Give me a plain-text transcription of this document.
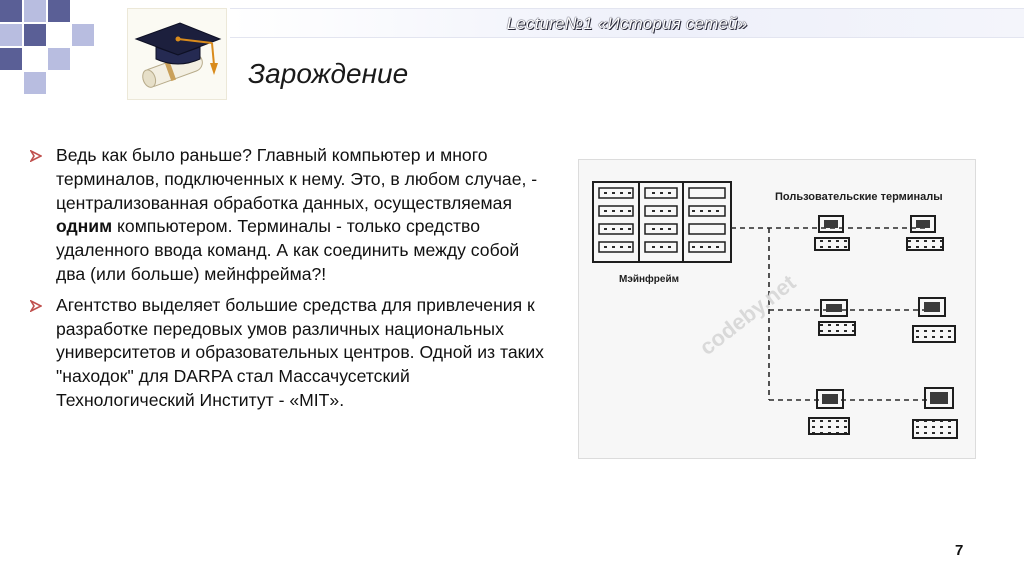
Lecture№1 «История сетей»
Зарождение

Ведь как было раньше? Главный компьютер и много терминалов, подключенных к нему. Это, в любом случае, - централизованная обработка данных, осуществляемая одним компьютером. Терминалы - только средство удаленного ввода команд. А как соединить между собой два (или больше) мейнфрейма?!

Агентство выделяет большие средства для привлечения к разработке передовых умов различных национальных университетов и образовательных центров. Одной из таких "находок" для DARPA стал Массачусетский Технологический Институт - «MIT».

Пользовательские терминалы
Мэйнфрейм codeby.net
7
